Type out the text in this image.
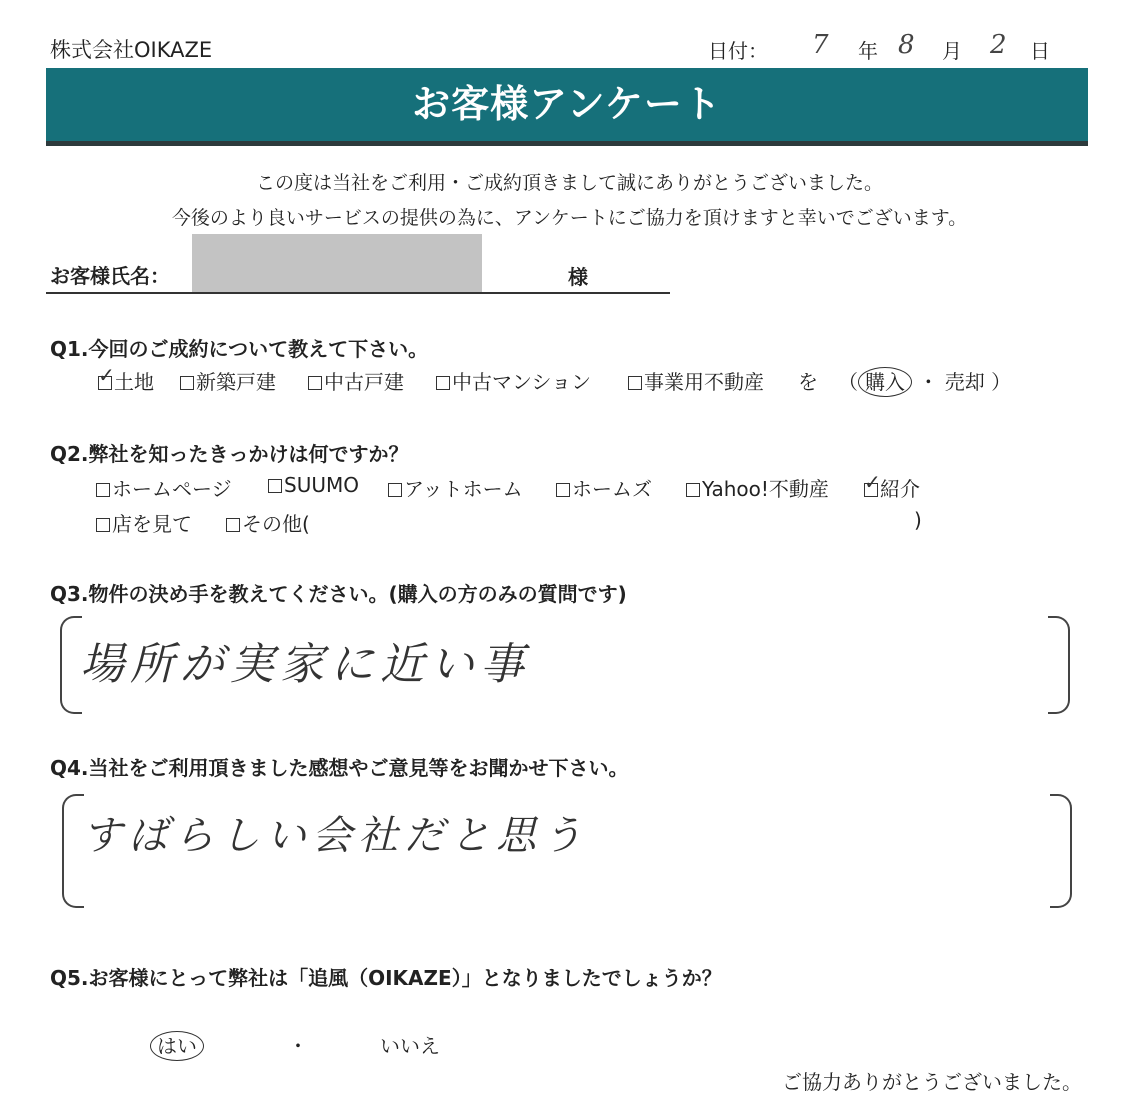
株式会社OIKAZE	日付： 7 年 8 月 2 日
お客様アンケート
この度は当社をご利用・ご成約頂きまして誠にありがとうございました。
今後のより良いサービスの提供の為に、アンケートにご協力を頂けますと幸いでございます。
お客様氏名：	様
Q1.今回のご成約について教えて下さい。
✓ 土地	新築戸建	中古戸建	中古マンション	事業用不動産 を （ 購入 ・ 売却 ）
Q2.弊社を知ったきっかけは何ですか？
ホームページ	SUUMO	アットホーム	ホームズ	Yahoo!不動産 ✓ 紹介
店を見て	その他(	)
Q3.物件の決め手を教えてください。(購入の方のみの質問です)
場所が実家に近い事
Q4.当社をご利用頂きました感想やご意見等をお聞かせ下さい。
すばらしい会社だと思う
Q5.お客様にとって弊社は「追風（OIKAZE）」となりましたでしょうか？
はい	・	いいえ
ご協力ありがとうございました。
